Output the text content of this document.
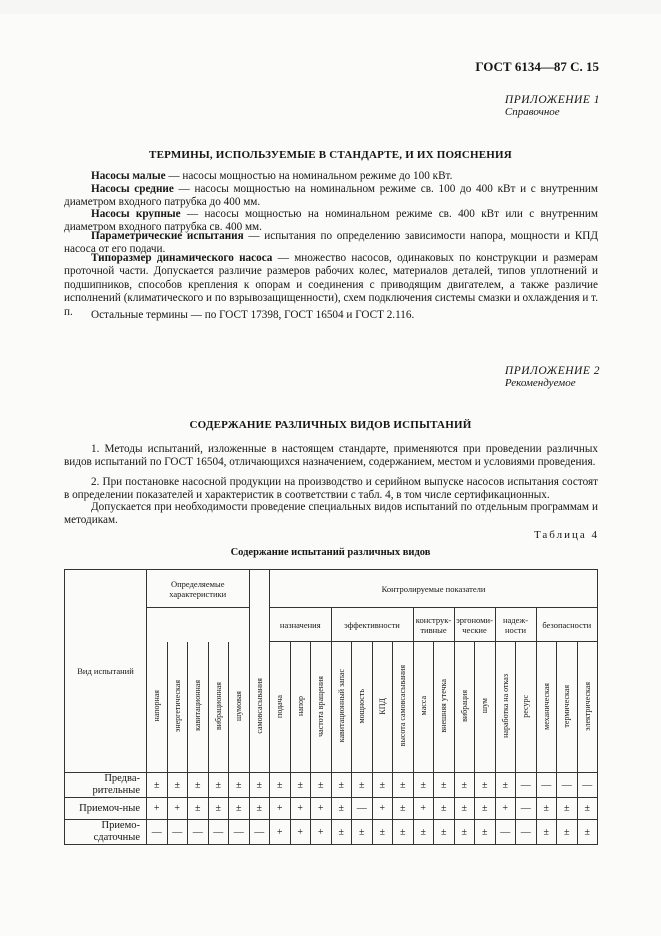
ГОСТ 6134—87 С. 15
ПРИЛОЖЕНИЕ 1
Справочное
ТЕРМИНЫ, ИСПОЛЬЗУЕМЫЕ В СТАНДАРТЕ, И ИХ ПОЯСНЕНИЯ

Насосы малые — насосы мощностью на номинальном режиме до 100 кВт.

Насосы средние — насосы мощностью на номинальном режиме св. 100 до 400 кВт и с внутренним диаметром входного патрубка до 400 мм.

Насосы крупные — насосы мощностью на номинальном режиме св. 400 кВт или с внутренним диаметром входного патрубка св. 400 мм.

Параметрические испытания — испытания по определению зависимости напора, мощности и КПД насоса от его подачи.

Типоразмер динамического насоса — множество насосов, одинаковых по конструкции и размерам проточной части. Допускается различие размеров рабочих колес, материалов деталей, типов уплотнений и подшипников, способов крепления к опорам и соединения с приводящим двигателем, а также различие исполнений (климатического и по взрывозащищенности), схем подключения системы смазки и охлаждения и т. п.	Остальные термины — по ГОСТ 17398, ГОСТ 16504 и ГОСТ 2.116.

ПРИЛОЖЕНИЕ 2
Рекомендуемое
СОДЕРЖАНИЕ РАЗЛИЧНЫХ ВИДОВ ИСПЫТАНИЙ

1. Методы испытаний, изложенные в настоящем стандарте, применяются при проведении различных видов испытаний по ГОСТ 16504, отличающихся назначением, содержанием, местом и условиями проведения.

2. При постановке насосной продукции на производство и серийном выпуске насосов испытания состоят в определении показателей и характеристик в соответствии с табл. 4, в том числе сертификационных.

Допускается при необходимости проведение специальных видов испытаний по отдельным программам и методикам.

Таблица 4
Содержание испытаний различных видов
Вид испытаний	Определяемые характеристики						Контролируемые показатели															
							назначения			эффективности				конструк-тивные		эргономи-ческие		надеж-ности		безопасности		
	напорная	энергетическая	кавитационная	вибрационная	шумовая	самовсасывания	подача	напор	частота вращения	кавитационный запас	мощность	КПД	высота самовсасывания	масса	внешняя утечка	вибрация	шум	наработка на отказ	ресурс	механическая	термическая	электрическая
Предва-рительные	±	±	±	±	±	±	±	±	±	±	±	±	±	±	±	±	±	±	—	—	—	—
Приемоч-ные	+	+	±	±	±	±	+	+	+	±	—	+	±	+	±	±	±	+	—	±	±	±
Приемо-сдаточные	—	—	—	—	—	—	+	+	+	±	±	±	±	±	±	±	±	—	—	±	±	±
